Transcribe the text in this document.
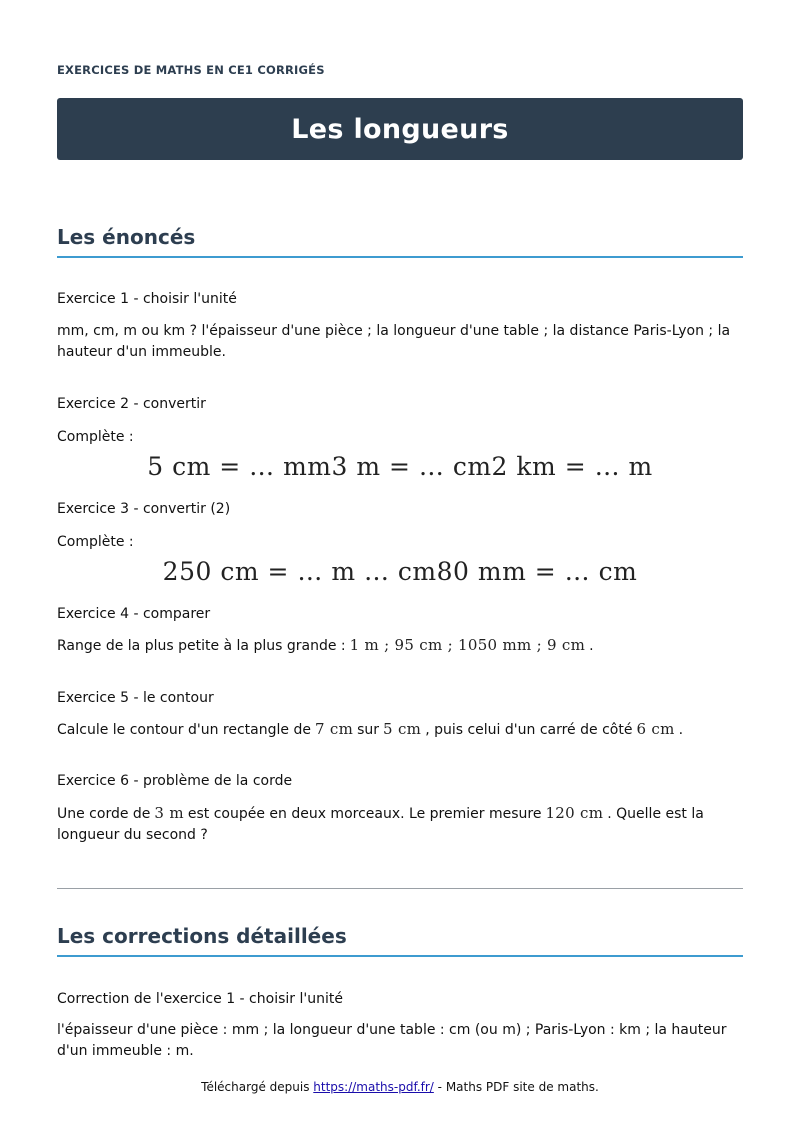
EXERCICES DE MATHS EN CE1 CORRIGÉS
Les longueurs
Les énoncés
Exercice 1 - choisir l'unité
mm, cm, m ou km ? l'épaisseur d'une pièce ; la longueur d'une table ; la distance Paris-Lyon ; la hauteur d'un immeuble.
Exercice 2 - convertir
Complète :
5 cm = … mm3 m = … cm2 km = … m
Exercice 3 - convertir (2)
Complète :
250 cm = … m … cm80 mm = … cm
Exercice 4 - comparer
Range de la plus petite à la plus grande : 1 m ; 95 cm ; 1050 mm ; 9 cm .
Exercice 5 - le contour
Calcule le contour d'un rectangle de 7 cm sur 5 cm , puis celui d'un carré de côté 6 cm .
Exercice 6 - problème de la corde
Une corde de 3 m est coupée en deux morceaux. Le premier mesure 120 cm . Quelle est la longueur du second ?
Les corrections détaillées
Correction de l'exercice 1 - choisir l'unité
l'épaisseur d'une pièce : mm ; la longueur d'une table : cm (ou m) ; Paris-Lyon : km ; la hauteur d'un immeuble : m.
Téléchargé depuis https://maths-pdf.fr/ - Maths PDF site de maths.
